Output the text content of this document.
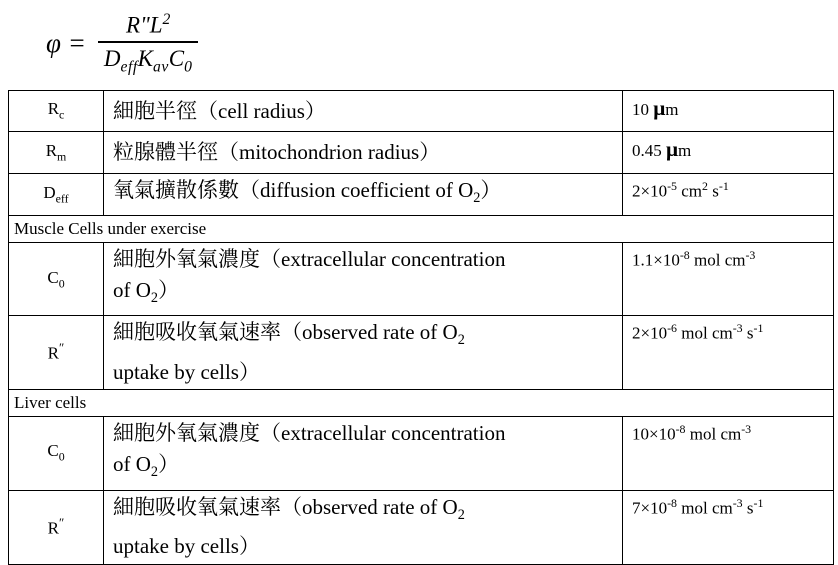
$\varphi = \frac{R"L^2}{D_{eff}K_{av}C_0}$
$R_c$	細胞半徑（cell radius）	10 μm
$R_m$	粒腺體半徑（mitochondrion radius）	0.45 μm
$D_{eff}$	氧氣擴散係數（diffusion coefficient of $O_2$）	$2\times 10^{-5}$ $cm^2$ $s^{-1}$
Muscle Cells under exercise		
$C_0$	細胞外氧氣濃度（extracellular concentration
of $O_2$）	$1.1\times 10^{-8}$ mol $cm^{-3}$
R″	細胞吸收氧氣速率（observed rate of $O_2$
uptake by cells）	$2\times 10^{-6}$ mol $cm^{-3}$ $s^{-1}$
Liver cells		
$C_0$	細胞外氧氣濃度（extracellular concentration
of $O_2$）	$10\times 10^{-8}$ mol $cm^{-3}$
R″	細胞吸收氧氣速率（observed rate of $O_2$
uptake by cells）	$7\times 10^{-8}$ mol $cm^{-3}$ $s^{-1}$
